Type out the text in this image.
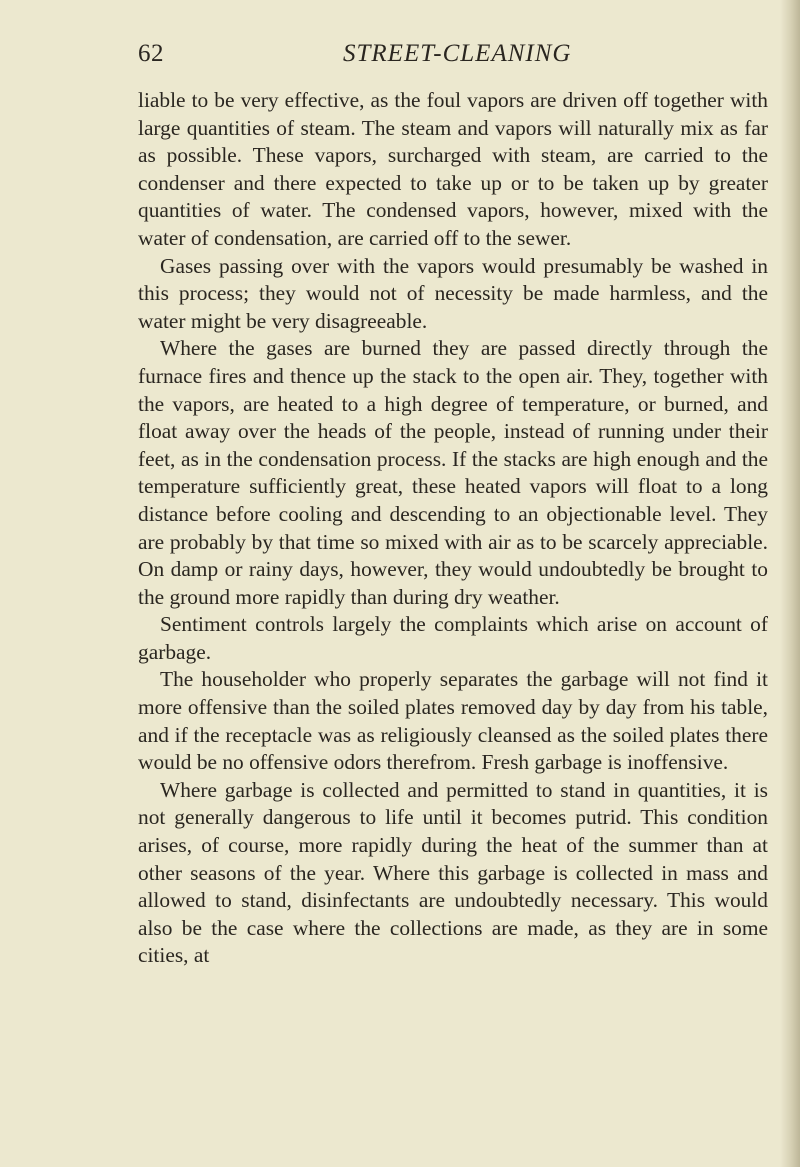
62	STREET-CLEANING

liable to be very effective, as the foul vapors are driven off together with large quantities of steam. The steam and vapors will naturally mix as far as possible. These vapors, surcharged with steam, are carried to the condenser and there expected to take up or to be taken up by greater quantities of water. The condensed vapors, however, mixed with the water of condensation, are carried off to the sewer.

Gases passing over with the vapors would presumably be washed in this process; they would not of necessity be made harmless, and the water might be very disagreeable.

Where the gases are burned they are passed directly through the furnace fires and thence up the stack to the open air. They, together with the vapors, are heated to a high degree of temperature, or burned, and float away over the heads of the people, instead of running under their feet, as in the condensation process. If the stacks are high enough and the temperature sufficiently great, these heated vapors will float to a long distance before cooling and descending to an objectionable level. They are probably by that time so mixed with air as to be scarcely appreciable. On damp or rainy days, however, they would undoubtedly be brought to the ground more rapidly than during dry weather.

Sentiment controls largely the complaints which arise on account of garbage.

The householder who properly separates the garbage will not find it more offensive than the soiled plates removed day by day from his table, and if the receptacle was as religiously cleansed as the soiled plates there would be no offensive odors therefrom. Fresh garbage is inoffensive.

Where garbage is collected and permitted to stand in quantities, it is not generally dangerous to life until it becomes putrid. This condition arises, of course, more rapidly during the heat of the summer than at other seasons of the year. Where this garbage is collected in mass and allowed to stand, disinfectants are undoubtedly necessary. This would also be the case where the collections are made, as they are in some cities, at
